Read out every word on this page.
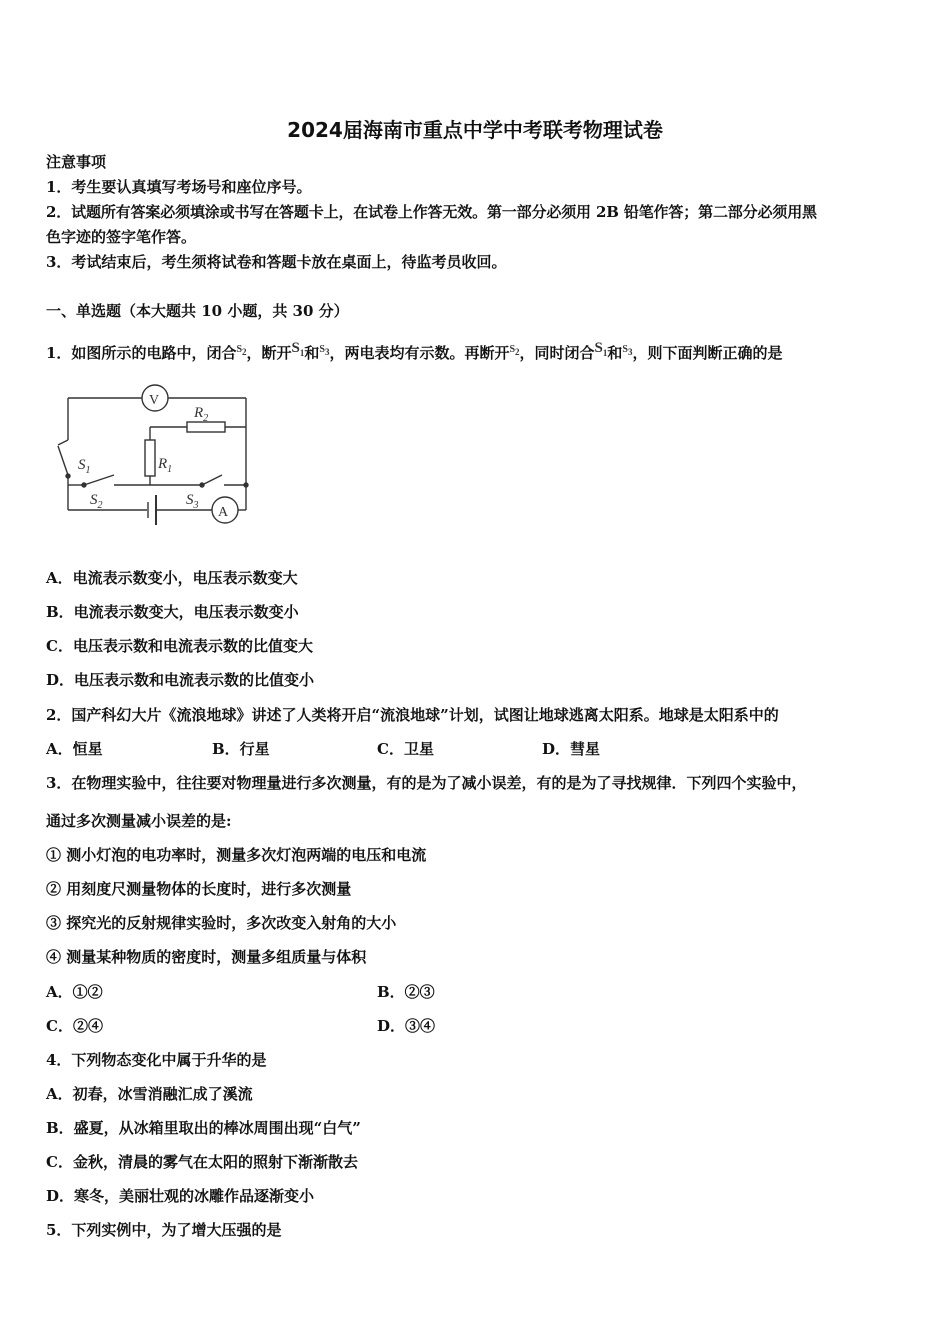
2024届海南市重点中学中考联考物理试卷
注意事项
1．考生要认真填写考场号和座位序号。
2．试题所有答案必须填涂或书写在答题卡上，在试卷上作答无效。第一部分必须用 2B 铅笔作答；第二部分必须用黑
色字迹的签字笔作答。
3．考试结束后，考生须将试卷和答题卡放在桌面上，待监考员收回。
一、单选题（本大题共 10 小题，共 30 分）
1．如图所示的电路中，闭合$^{S2}$，断开$S_1$和$^{S3}$，两电表均有示数。再断开$^{S2}$，同时闭合$S_1$和$^{S3}$，则下面判断正确的是
V
$R_2$
$R_1$
$S_1$
$S_2$	$S_3$ A
A．电流表示数变小，电压表示数变大
B．电流表示数变大，电压表示数变小
C．电压表示数和电流表示数的比值变大
D．电压表示数和电流表示数的比值变小
2．国产科幻大片《流浪地球》讲述了人类将开启“流浪地球”计划，试图让地球逃离太阳系。地球是太阳系中的
A．恒星	B．行星	C．卫星	D．彗星
3．在物理实验中，往往要对物理量进行多次测量，有的是为了减小误差，有的是为了寻找规律．下列四个实验中，
通过多次测量减小误差的是:
① 测小灯泡的电功率时，测量多次灯泡两端的电压和电流
② 用刻度尺测量物体的长度时，进行多次测量
③ 探究光的反射规律实验时，多次改变入射角的大小
④ 测量某种物质的密度时，测量多组质量与体积
A．①②	B．②③
C．②④	D．③④
4．下列物态变化中属于升华的是
A．初春，冰雪消融汇成了溪流
B．盛夏，从冰箱里取出的棒冰周围出现“白气”
C．金秋，清晨的雾气在太阳的照射下渐渐散去
D．寒冬，美丽壮观的冰雕作品逐渐变小
5．下列实例中，为了增大压强的是
